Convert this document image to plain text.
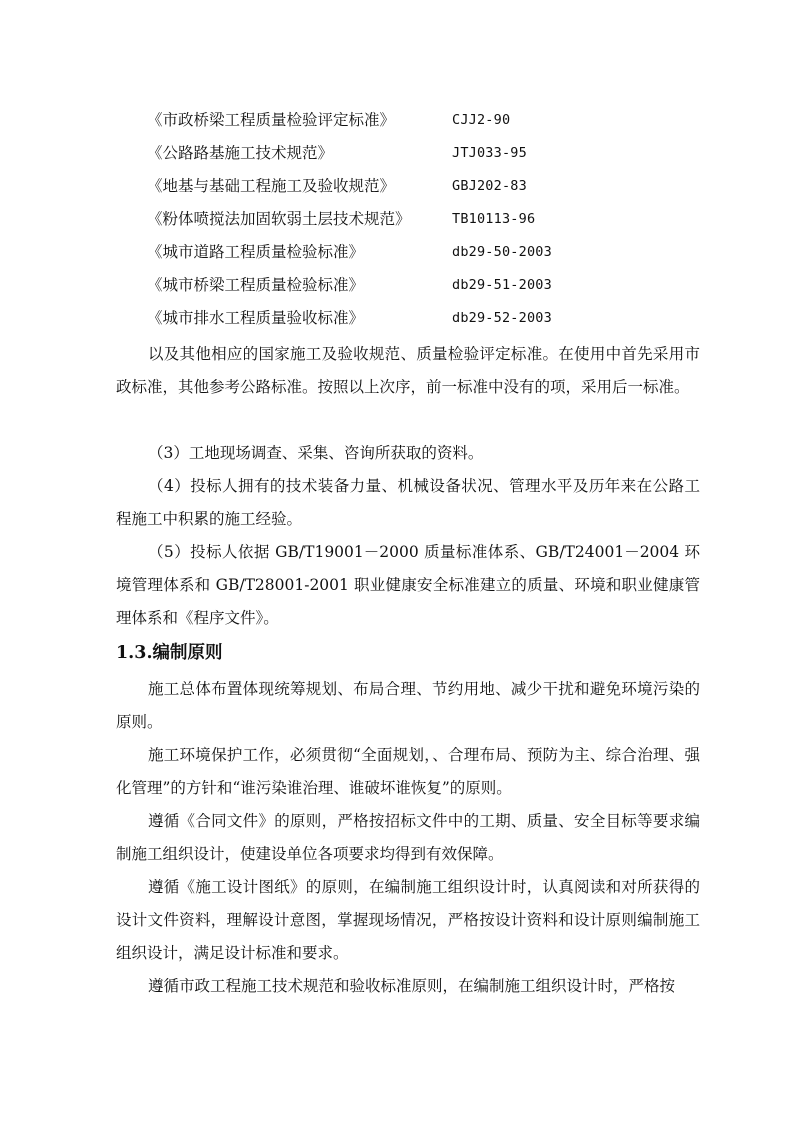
《市政桥梁工程质量检验评定标准》	CJJ2-90
《公路路基施工技术规范》	JTJ033-95
《地基与基础工程施工及验收规范》	GBJ202-83
《粉体喷搅法加固软弱土层技术规范》	TB10113-96
《城市道路工程质量检验标准》	db29-50-2003
《城市桥梁工程质量检验标准》	db29-51-2003
《城市排水工程质量验收标准》	db29-52-2003

以及其他相应的国家施工及验收规范、质量检验评定标准。在使用中首先采用市政标准，其他参考公路标准。按照以上次序，前一标准中没有的项，采用后一标准。

（3）工地现场调查、采集、咨询所获取的资料。

（4）投标人拥有的技术装备力量、机械设备状况、管理水平及历年来在公路工程施工中积累的施工经验。

（5）投标人依据 GB/T19001－2000 质量标准体系、GB/T24001－2004 环境管理体系和 GB/T28001-2001 职业健康安全标准建立的质量、环境和职业健康管理体系和《程序文件》。

1.3.编制原则

施工总体布置体现统筹规划、布局合理、节约用地、减少干扰和避免环境污染的原则。

施工环境保护工作，必须贯彻“全面规划，、合理布局、预防为主、综合治理、强化管理”的方针和“谁污染谁治理、谁破坏谁恢复”的原则。

遵循《合同文件》的原则，严格按招标文件中的工期、质量、安全目标等要求编制施工组织设计，使建设单位各项要求均得到有效保障。

遵循《施工设计图纸》的原则，在编制施工组织设计时，认真阅读和对所获得的设计文件资料，理解设计意图，掌握现场情况，严格按设计资料和设计原则编制施工组织设计，满足设计标准和要求。

遵循市政工程施工技术规范和验收标准原则，在编制施工组织设计时，严格按
